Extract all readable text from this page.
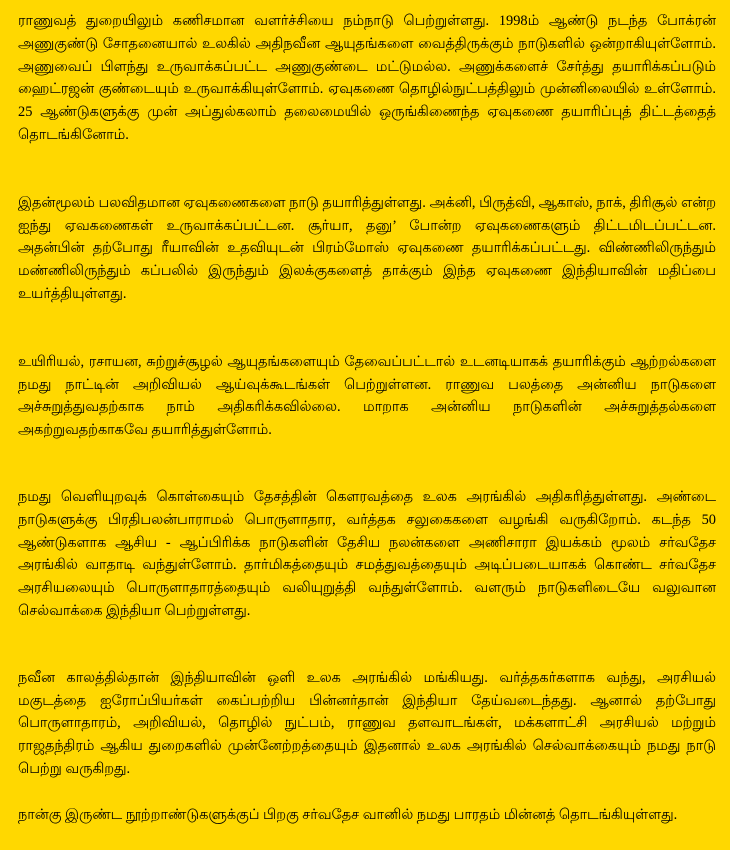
ராணுவத் துறையிலும் கணிசமான வளர்ச்சியை நம்நாடு பெற்றுள்ளது. 1998ம் ஆண்டு நடந்த போக்ரன் அணுகுண்டு சோதனையால் உலகில் அதிநவீன ஆயுதங்களை வைத்திருக்கும் நாடுகளில் ஒன்றாகியுள்ளோம். அணுவைப் பிளந்து உருவாக்கப்பட்ட அணுகுண்டை மட்டுமல்ல. அணுக்களைச் சேர்த்து தயாரிக்கப்படும் ஹைட்ரஜன் குண்டையும் உருவாக்கியுள்ளோம். ஏவுகணை தொழில்நுட்பத்திலும் முன்னிலையில் உள்ளோம். 25 ஆண்டுகளுக்கு முன் அப்துல்கலாம் தலைமையில் ஒருங்கிணைந்த ஏவுகணை தயாரிப்புத் திட்டத்தைத் தொடங்கினோம்.

இதன்மூலம் பலவிதமான ஏவுகணைகளை நாடு தயாரித்துள்ளது. அக்னி, பிருத்வி, ஆகாஸ், நாக், திரிசூல் என்ற ஐந்து ஏவகணைகள் உருவாக்கப்பட்டன. சூர்யா, தனு’ போன்ற ஏவுகணைகளும் திட்டமிடப்பட்டன. அதன்பின் தற்போது ரீயாவின் உதவியுடன் பிரம்மோஸ் ஏவுகணை தயாரிக்கப்பட்டது. விண்ணிலிருந்தும் மண்ணிலிருந்தும் கப்பலில் இருந்தும் இலக்குகளைத் தாக்கும் இந்த ஏவுகணை இந்தியாவின் மதிப்பை உயர்த்தியுள்ளது.

உயிரியல், ரசாயன, சுற்றுச்சூழல் ஆயுதங்களையும் தேவைப்பட்டால் உடனடியாகக் தயாரிக்கும் ஆற்றல்களை நமது நாட்டின் அறிவியல் ஆய்வுக்கூடங்கள் பெற்றுள்ளன. ராணுவ பலத்தை அன்னிய நாடுகளை அச்சுறுத்துவதற்காக நாம் அதிகரிக்கவில்லை. மாறாக அன்னிய நாடுகளின் அச்சுறுத்தல்களை அகற்றுவதற்காகவே தயாரித்துள்ளோம்.

நமது வெளியுறவுக் கொள்கையும் தேசத்தின் கௌரவத்தை உலக அரங்கில் அதிகரித்துள்ளது. அண்டை நாடுகளுக்கு பிரதிபலன்பாராமல் பொருளாதார, வர்த்தக சலுகைகளை வழங்கி வருகிறோம். கடந்த 50 ஆண்டுகளாக ஆசிய - ஆப்பிரிக்க நாடுகளின் தேசிய நலன்களை அணிசாரா இயக்கம் மூலம் சர்வதேச அரங்கில் வாதாடி வந்துள்ளோம். தார்மிகத்தையும் சமத்துவத்தையும் அடிப்படையாகக் கொண்ட சர்வதேச அரசியலையும் பொருளாதாரத்தையும் வலியுறுத்தி வந்துள்ளோம். வளரும் நாடுகளிடையே வலுவான செல்வாக்கை இந்தியா பெற்றுள்ளது.

நவீன காலத்தில்தான் இந்தியாவின் ஒளி உலக அரங்கில் மங்கியது. வர்த்தகர்களாக வந்து, அரசியல் மகுடத்தை ஐரோப்பியர்கள் கைப்பற்றிய பின்னர்தான் இந்தியா தேய்வடைந்தது. ஆனால் தற்போது பொருளாதாரம், அறிவியல், தொழில் நுட்பம், ராணுவ தளவாடங்கள், மக்களாட்சி அரசியல் மற்றும் ராஜதந்திரம் ஆகிய துறைகளில் முன்னேற்றத்தையும் இதனால் உலக அரங்கில் செல்வாக்கையும் நமது நாடு பெற்று வருகிறது.

நான்கு இருண்ட நூற்றாண்டுகளுக்குப் பிறகு சர்வதேச வானில் நமது பாரதம் மின்னத் தொடங்கியுள்ளது.
